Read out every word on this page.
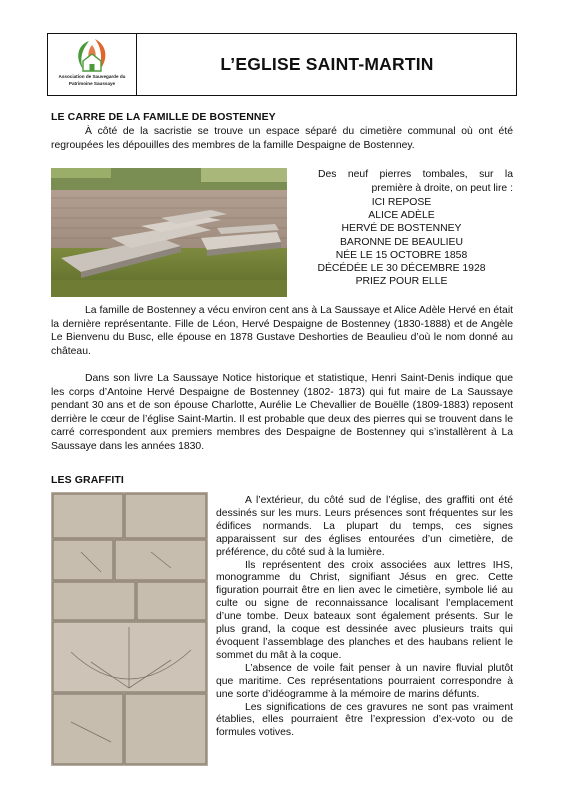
Association de Sauvegarde du Patrimoine Saussaye
L’EGLISE SAINT-MARTIN
LE CARRE DE LA FAMILLE DE BOSTENNEY

À côté de la sacristie se trouve un espace séparé du cimetière communal où ont été regroupées les dépouilles des membres de la famille Despaigne de Bostenney.

Des neuf pierres tombales, sur la première à droite, on peut lire :

ICI REPOSE
ALICE ADÈLE
HERVÉ DE BOSTENNEY
BARONNE DE BEAULIEU
NÉE LE 15 OCTOBRE 1858
DÉCÉDÉE LE 30 DÉCEMBRE 1928
PRIEZ POUR ELLE

La famille de Bostenney a vécu environ cent ans à La Saussaye et Alice Adèle Hervé en était la dernière représentante. Fille de Léon, Hervé Despaigne de Bostenney (1830-1888) et de Angèle Le Bienvenu du Busc, elle épouse en 1878 Gustave Deshorties de Beaulieu d’où le nom donné au château.

Dans son livre La Saussaye Notice historique et statistique, Henri Saint-Denis indique que les corps d’Antoine Hervé Despaigne de Bostenney (1802- 1873) qui fut maire de La Saussaye pendant 30 ans et de son épouse Charlotte, Aurélie Le Chevallier de Bouëlle (1809-1883) reposent derrière le cœur de l’église Saint-Martin. Il est probable que deux des pierres qui se trouvent dans le carré correspondent aux premiers membres des Despaigne de Bostenney qui s’installèrent à La Saussaye dans les années 1830.

LES GRAFFITI

A l’extérieur, du côté sud de l’église, des graffiti ont été dessinés sur les murs. Leurs présences sont fréquentes sur les édifices normands. La plupart du temps, ces signes apparaissent sur des églises entourées d’un cimetière, de préférence, du côté sud à la lumière.

Ils représentent des croix associées aux lettres IHS, monogramme du Christ, signifiant Jésus en grec. Cette figuration pourrait être en lien avec le cimetière, symbole lié au culte ou signe de reconnaissance localisant l’emplacement d’une tombe. Deux bateaux sont également présents. Sur le plus grand, la coque est dessinée avec plusieurs traits qui évoquent l’assemblage des planches et des haubans relient le sommet du mât à la coque.

L’absence de voile fait penser à un navire fluvial plutôt que maritime. Ces représentations pourraient correspondre à une sorte d’idéogramme à la mémoire de marins défunts.

Les significations de ces gravures ne sont pas vraiment établies, elles pourraient être l’expression d’ex-voto ou de formules votives.
